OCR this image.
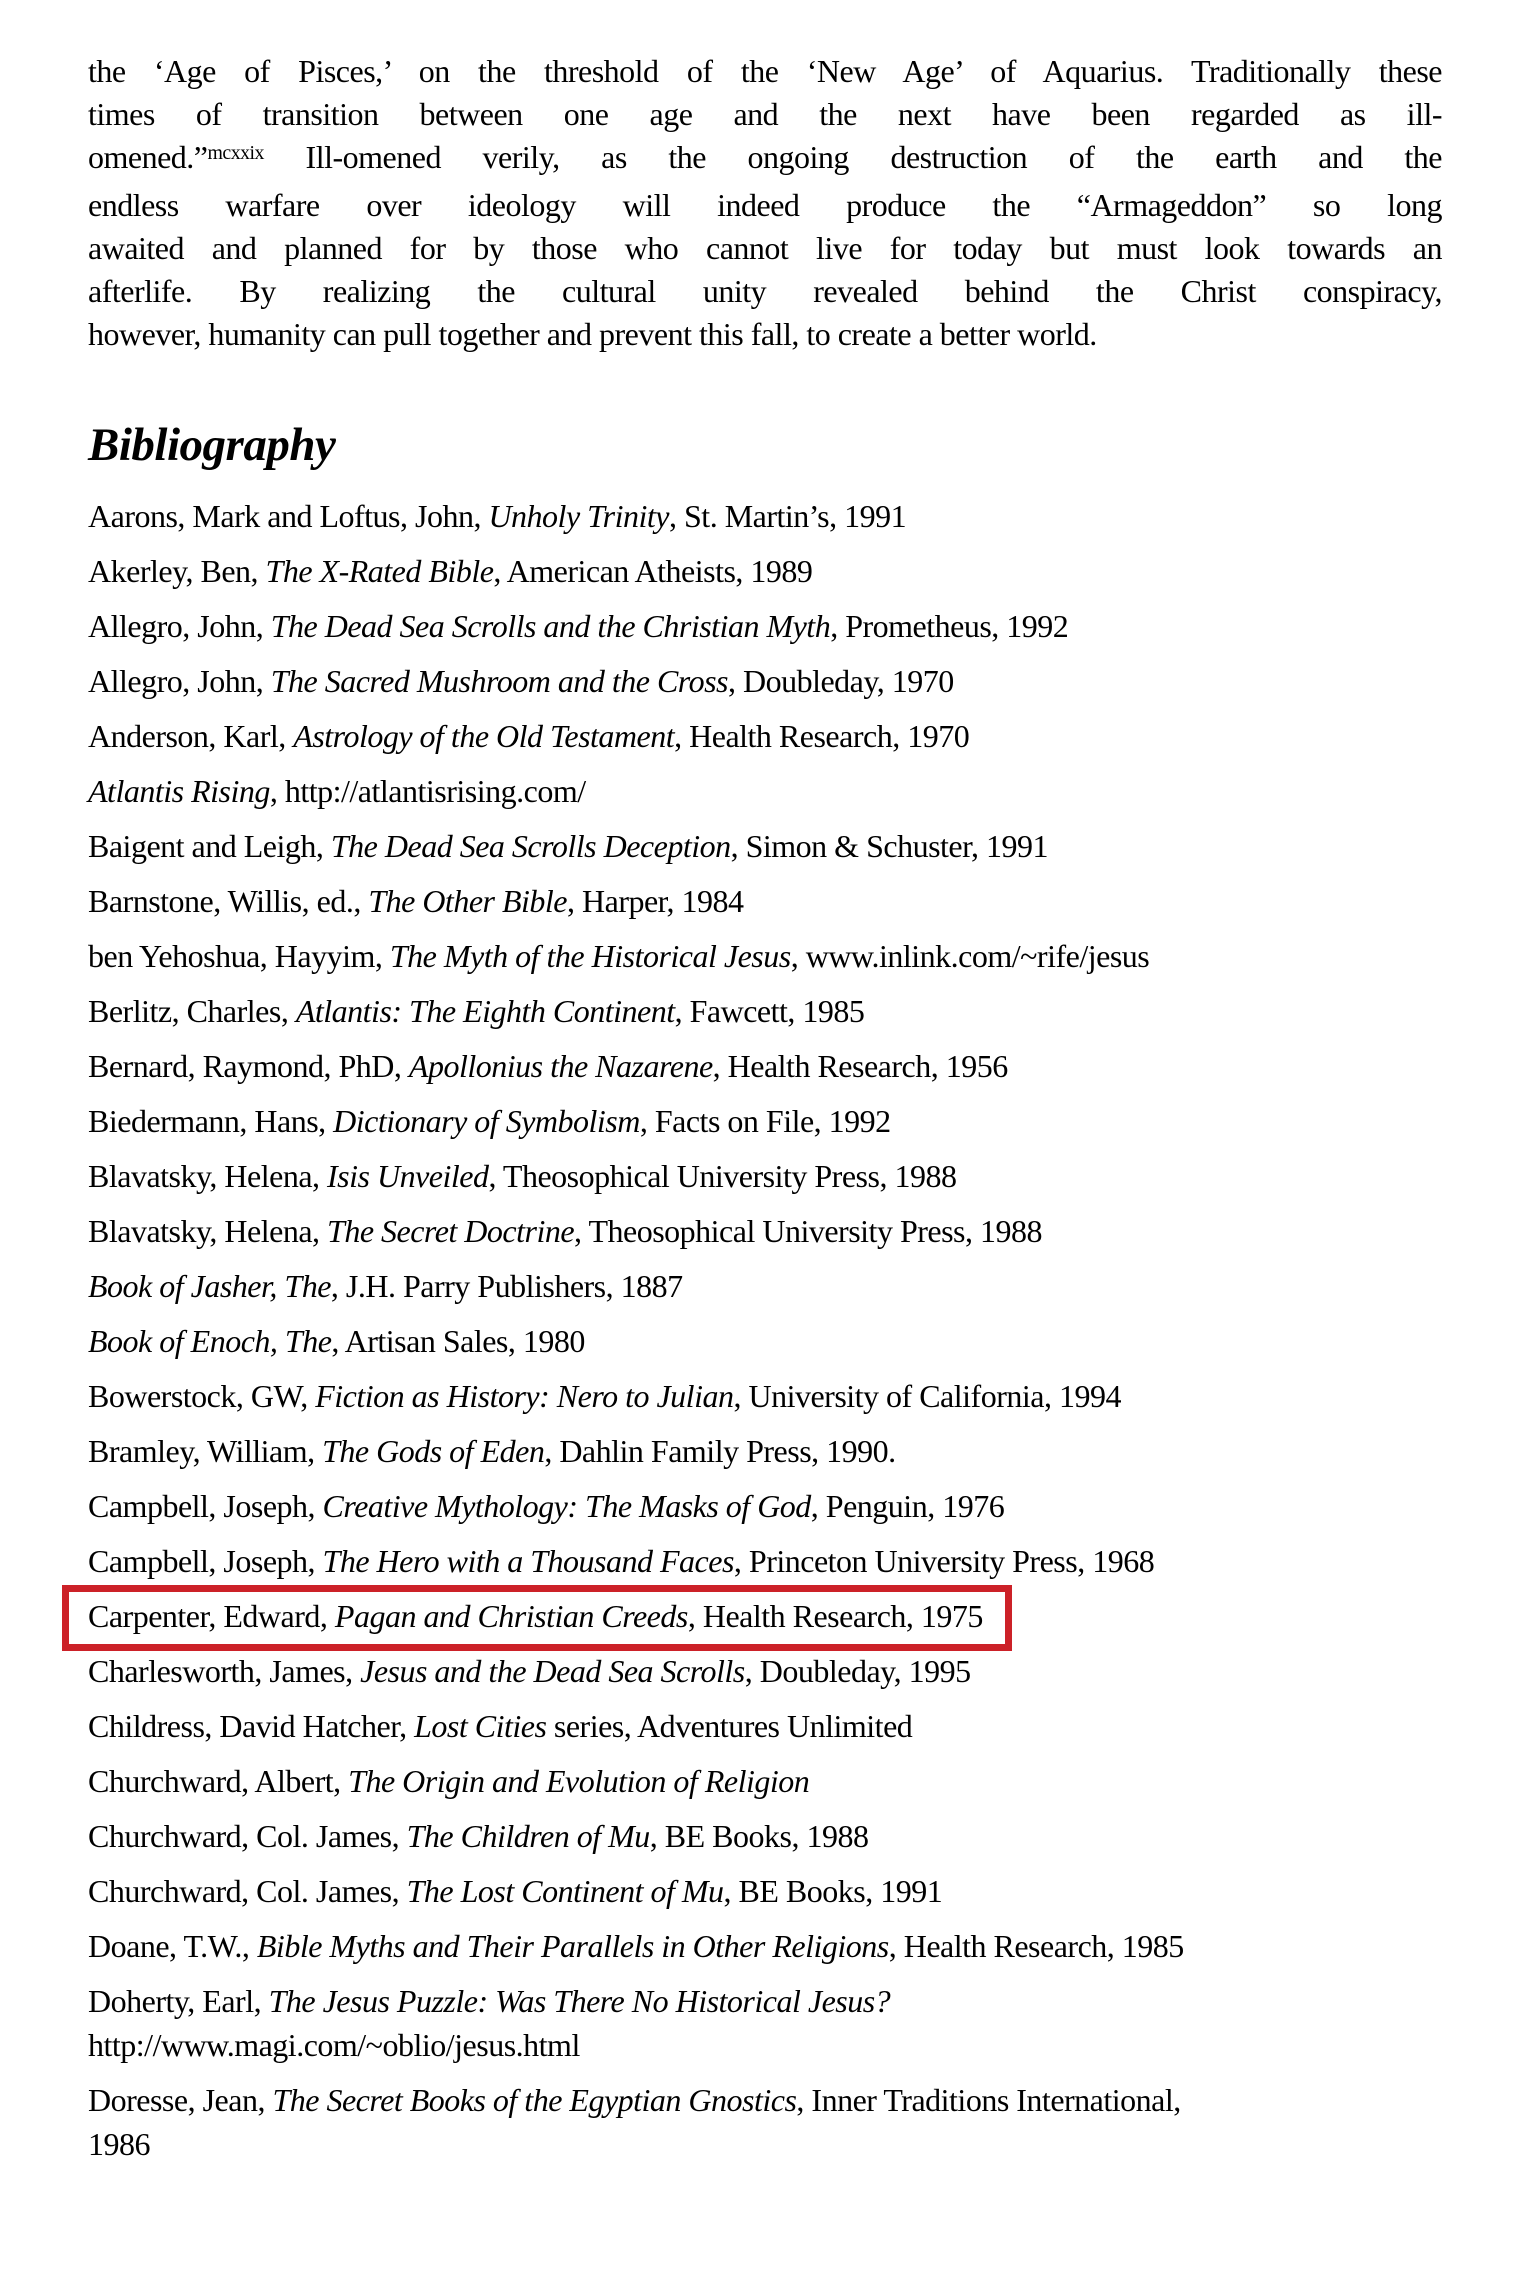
the ‘Age of Pisces,’ on the threshold of the ‘New Age’ of Aquarius. Traditionally these
times of transition between one age and the next have been regarded as ill-
omened.”$^{mcxxix}$ Ill-omened verily, as the ongoing destruction of the earth and the
endless warfare over ideology will indeed produce the “Armageddon” so long
awaited and planned for by those who cannot live for today but must look towards an
afterlife. By realizing the cultural unity revealed behind the Christ conspiracy,
however, humanity can pull together and prevent this fall, to create a better world.
Bibliography
Aarons, Mark and Loftus, John, Unholy Trinity, St. Martin’s, 1991
Akerley, Ben, The X-Rated Bible, American Atheists, 1989
Allegro, John, The Dead Sea Scrolls and the Christian Myth, Prometheus, 1992
Allegro, John, The Sacred Mushroom and the Cross, Doubleday, 1970
Anderson, Karl, Astrology of the Old Testament, Health Research, 1970
Atlantis Rising, http://atlantisrising.com/
Baigent and Leigh, The Dead Sea Scrolls Deception, Simon & Schuster, 1991
Barnstone, Willis, ed., The Other Bible, Harper, 1984
ben Yehoshua, Hayyim, The Myth of the Historical Jesus, www.inlink.com/~rife/jesus
Berlitz, Charles, Atlantis: The Eighth Continent, Fawcett, 1985
Bernard, Raymond, PhD, Apollonius the Nazarene, Health Research, 1956
Biedermann, Hans, Dictionary of Symbolism, Facts on File, 1992
Blavatsky, Helena, Isis Unveiled, Theosophical University Press, 1988
Blavatsky, Helena, The Secret Doctrine, Theosophical University Press, 1988
Book of Jasher, The, J.H. Parry Publishers, 1887
Book of Enoch, The, Artisan Sales, 1980
Bowerstock, GW, Fiction as History: Nero to Julian, University of California, 1994
Bramley, William, The Gods of Eden, Dahlin Family Press, 1990.
Campbell, Joseph, Creative Mythology: The Masks of God, Penguin, 1976
Campbell, Joseph, The Hero with a Thousand Faces, Princeton University Press, 1968
Carpenter, Edward, Pagan and Christian Creeds, Health Research, 1975
Charlesworth, James, Jesus and the Dead Sea Scrolls, Doubleday, 1995
Childress, David Hatcher, Lost Cities series, Adventures Unlimited
Churchward, Albert, The Origin and Evolution of Religion
Churchward, Col. James, The Children of Mu, BE Books, 1988
Churchward, Col. James, The Lost Continent of Mu, BE Books, 1991
Doane, T.W., Bible Myths and Their Parallels in Other Religions, Health Research, 1985
Doherty, Earl, The Jesus Puzzle: Was There No Historical Jesus?
http://www.magi.com/~oblio/jesus.html
Doresse, Jean, The Secret Books of the Egyptian Gnostics, Inner Traditions International,
1986
